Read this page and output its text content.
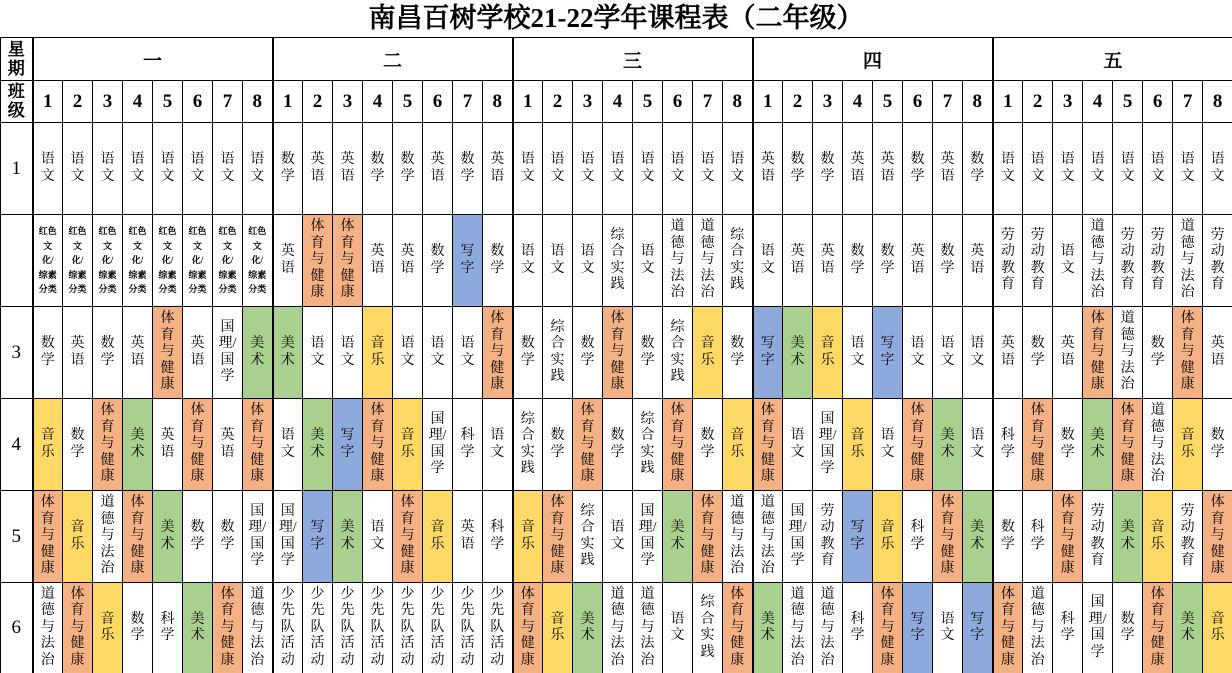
南昌百树学校21-22学年课程表（二年级）
星期	一								二								三								四								五							
班级	1	2	3	4	5	6	7	8	1	2	3	4	5	6	7	8	1	2	3	4	5	6	7	8	1	2	3	4	5	6	7	8	1	2	3	4	5	6	7	8
1	语文	语文	语文	语文	语文	语文	语文	语文	数学	英语	英语	数学	数学	英语	数学	英语	语文	语文	语文	语文	语文	语文	语文	语文	英语	数学	数学	英语	英语	数学	英语	数学	语文	语文	语文	语文	语文	语文	语文	语文
	红色文化/综素分类	红色文化/综素分类	红色文化/综素分类	红色文化/综素分类	红色文化/综素分类	红色文化/综素分类	红色文化/综素分类	红色文化/综素分类	英语	体育与健康	体育与健康	英语	英语	数学	写字	数学	语文	语文	语文	综合实践	语文	道德与法治	道德与法治	综合实践	语文	英语	英语	数学	数学	英语	数学	英语	劳动教育	劳动教育	语文	道德与法治	劳动教育	劳动教育	道德与法治	劳动教育
3	数学	英语	数学	英语	体育与健康	英语	国理/国学	美术	美术	语文	语文	音乐	语文	语文	语文	体育与健康	数学	综合实践	数学	体育与健康	数学	综合实践	音乐	数学	写字	美术	音乐	语文	写字	语文	语文	语文	英语	数学	英语	体育与健康	道德与法治	数学	体育与健康	英语
4	音乐	数学	体育与健康	美术	英语	体育与健康	英语	体育与健康	语文	美术	写字	体育与健康	音乐	国理/国学	科学	语文	综合实践	数学	体育与健康	数学	综合实践	体育与健康	数学	音乐	体育与健康	语文	国理/国学	音乐	语文	体育与健康	美术	语文	科学	体育与健康	数学	美术	体育与健康	道德与法治	音乐	数学
5	体育与健康	音乐	道德与法治	体育与健康	美术	数学	数学	国理/国学	国理/国学	写字	美术	语文	体育与健康	音乐	英语	科学	音乐	体育与健康	综合实践	语文	国理/国学	美术	体育与健康	道德与法治	道德与法治	国理/国学	劳动教育	写字	音乐	科学	体育与健康	美术	数学	科学	体育与健康	劳动教育	美术	音乐	劳动教育	体育与健康
6	道德与法治	体育与健康	音乐	数学	科学	美术	体育与健康	道德与法治	少先队活动	少先队活动	少先队活动	少先队活动	少先队活动	少先队活动	少先队活动	少先队活动	体育与健康	音乐	美术	道德与法治	道德与法治	语文	综合实践	体育与健康	美术	道德与法治	道德与法治	科学	体育与健康	写字	语文	写字	体育与健康	道德与法治	科学	国理/国学	数学	体育与健康	美术	音乐
